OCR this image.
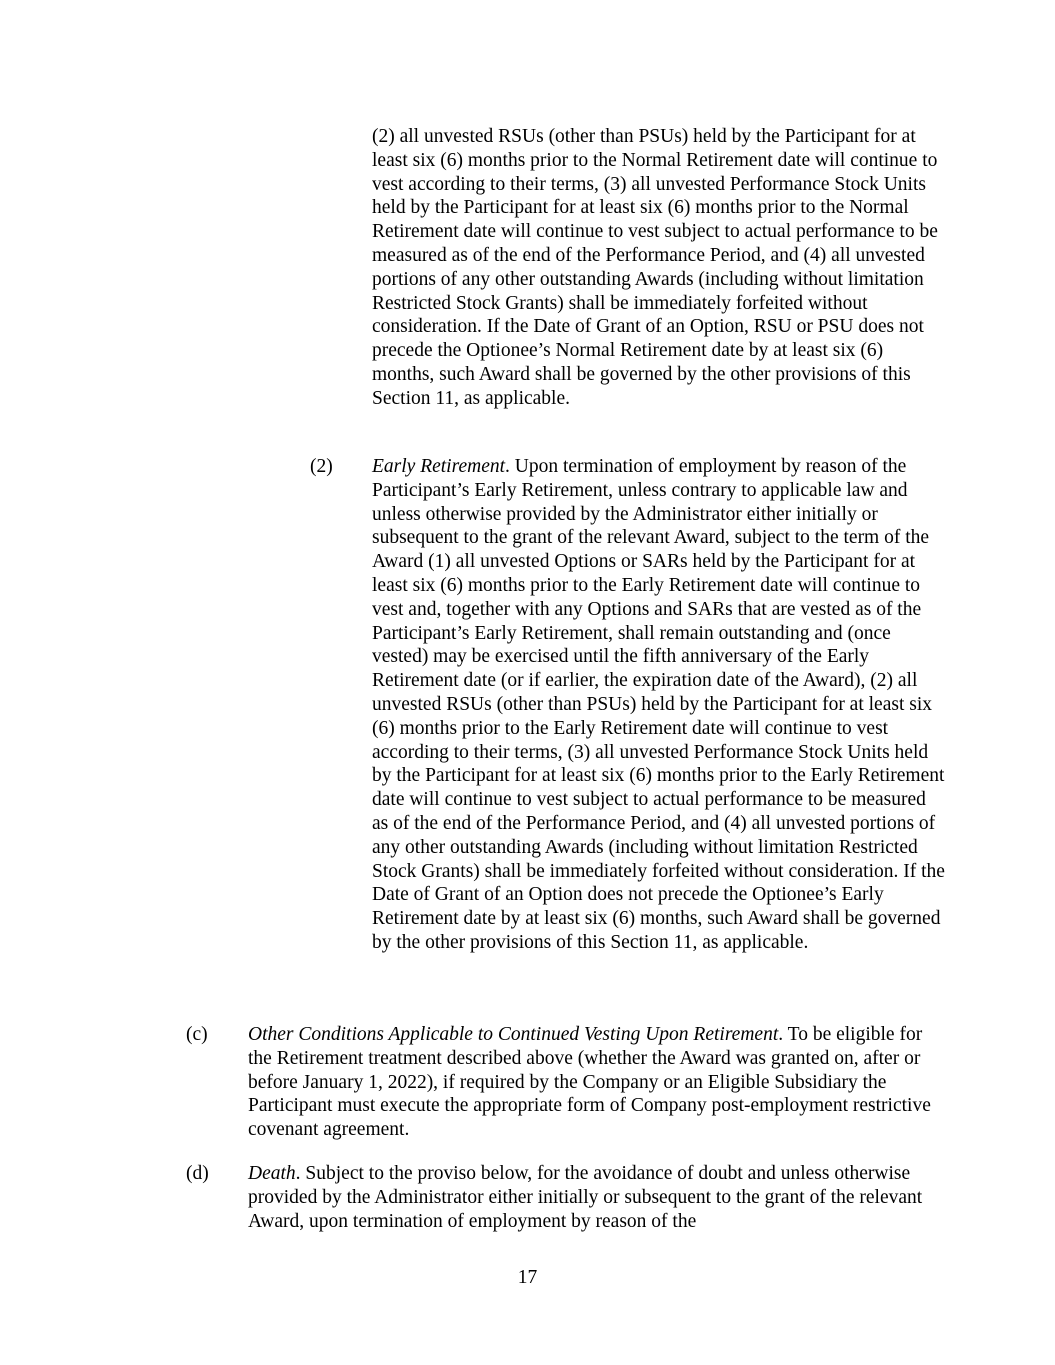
(2) all unvested RSUs (other than PSUs) held by the Participant for at least six (6) months prior to the Normal Retirement date will continue to vest according to their terms, (3) all unvested Performance Stock Units held by the Participant for at least six (6) months prior to the Normal Retirement date will continue to vest subject to actual performance to be measured as of the end of the Performance Period, and (4) all unvested portions of any other outstanding Awards (including without limitation Restricted Stock Grants) shall be immediately forfeited without consideration. If the Date of Grant of an Option, RSU or PSU does not precede the Optionee’s Normal Retirement date by at least six (6) months, such Award shall be governed by the other provisions of this Section 11, as applicable.

(2) Early Retirement. Upon termination of employment by reason of the Participant’s Early Retirement, unless contrary to applicable law and unless otherwise provided by the Administrator either initially or subsequent to the grant of the relevant Award, subject to the term of the Award (1) all unvested Options or SARs held by the Participant for at least six (6) months prior to the Early Retirement date will continue to vest and, together with any Options and SARs that are vested as of the Participant’s Early Retirement, shall remain outstanding and (once vested) may be exercised until the fifth anniversary of the Early Retirement date (or if earlier, the expiration date of the Award), (2) all unvested RSUs (other than PSUs) held by the Participant for at least six (6) months prior to the Early Retirement date will continue to vest according to their terms, (3) all unvested Performance Stock Units held by the Participant for at least six (6) months prior to the Early Retirement date will continue to vest subject to actual performance to be measured as of the end of the Performance Period, and (4) all unvested portions of any other outstanding Awards (including without limitation Restricted Stock Grants) shall be immediately forfeited without consideration. If the Date of Grant of an Option does not precede the Optionee’s Early Retirement date by at least six (6) months, such Award shall be governed by the other provisions of this Section 11, as applicable.

(c) Other Conditions Applicable to Continued Vesting Upon Retirement. To be eligible for the Retirement treatment described above (whether the Award was granted on, after or before January 1, 2022), if required by the Company or an Eligible Subsidiary the Participant must execute the appropriate form of Company post-employment restrictive covenant agreement.

(d) Death. Subject to the proviso below, for the avoidance of doubt and unless otherwise provided by the Administrator either initially or subsequent to the grant of the relevant Award, upon termination of employment by reason of the

17
